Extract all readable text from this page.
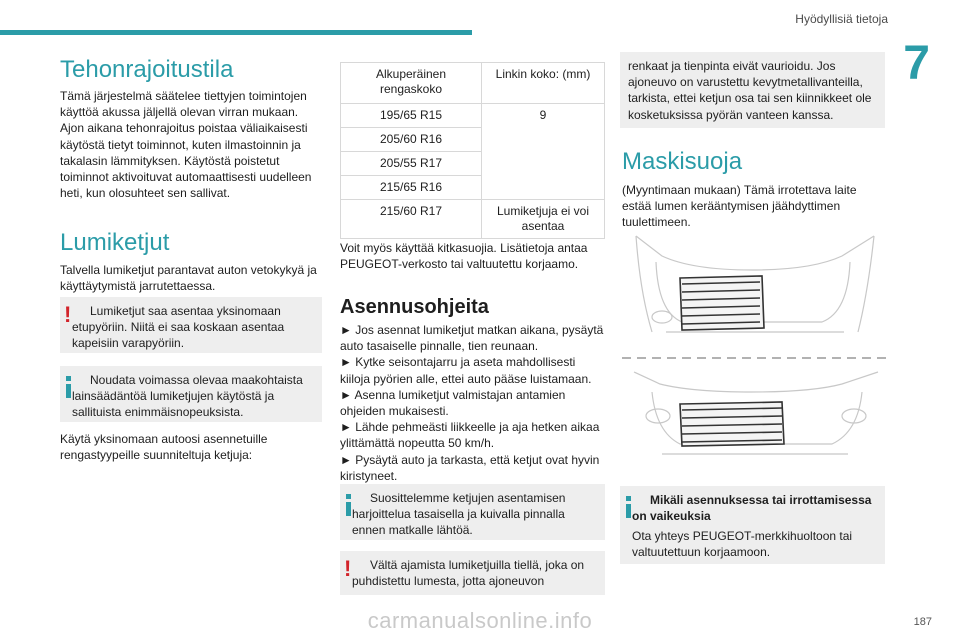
Hyödyllisiä tietoja
7
Tehonrajoitustila

Tämä järjestelmä säätelee tiettyjen toimintojen käyttöä akussa jäljellä olevan virran mukaan. Ajon aikana tehonrajoitus poistaa väliaikaisesti käytöstä tietyt toiminnot, kuten ilmastoinnin ja takalasin lämmityksen. Käytöstä poistetut toiminnot aktivoituvat automaattisesti uudelleen heti, kun olosuhteet sen sallivat.

Lumiketjut

Talvella lumiketjut parantavat auton vetokykyä ja käyttäytymistä jarrutettaessa.

!	Lumiketjut saa asentaa yksinomaan etupyöriin. Niitä ei saa koskaan asentaa kapeisiin varapyöriin.
Noudata voimassa olevaa maakohtaista lainsäädäntöä lumiketjujen käytöstä ja sallituista enimmäisnopeuksista.

Käytä yksinomaan autoosi asennetuille rengastyypeille suunniteltuja ketjuja:

Alkuperäinen rengaskoko	Linkin koko: (mm)
195/65 R15	9
205/60 R16	
205/55 R17	
215/65 R16	
215/60 R17	Lumiketjuja ei voi asentaa

Voit myös käyttää kitkasuojia. Lisätietoja antaa PEUGEOT-verkosto tai valtuutettu korjaamo.

Asennusohjeita

► Jos asennat lumiketjut matkan aikana, pysäytä auto tasaiselle pinnalle, tien reunaan.

► Kytke seisontajarru ja aseta mahdollisesti kiiloja pyörien alle, ettei auto pääse luistamaan.

► Asenna lumiketjut valmistajan antamien ohjeiden mukaisesti.

► Lähde pehmeästi liikkeelle ja aja hetken aikaa ylittämättä nopeutta 50 km/h.

► Pysäytä auto ja tarkasta, että ketjut ovat hyvin kiristyneet.

Suosittelemme ketjujen asentamisen harjoittelua tasaisella ja kuivalla pinnalla ennen matkalle lähtöä.
!	Vältä ajamista lumiketjuilla tiellä, joka on puhdistettu lumesta, jotta ajoneuvon
renkaat ja tienpinta eivät vaurioidu. Jos ajoneuvo on varustettu kevytmetallivanteilla, tarkista, ettei ketjun osa tai sen kiinnikkeet ole kosketuksissa pyörän vanteen kanssa.
Maskisuoja

(Myyntimaan mukaan) Tämä irrotettava laite estää lumen kerääntymisen jäähdyttimen tuulettimeen.

Mikäli asennuksessa tai irrottamisessa on vaikeuksia
Ota yhteys PEUGEOT-merkkihuoltoon tai valtuutettuun korjaamoon.
carmanualsonline.info	187
